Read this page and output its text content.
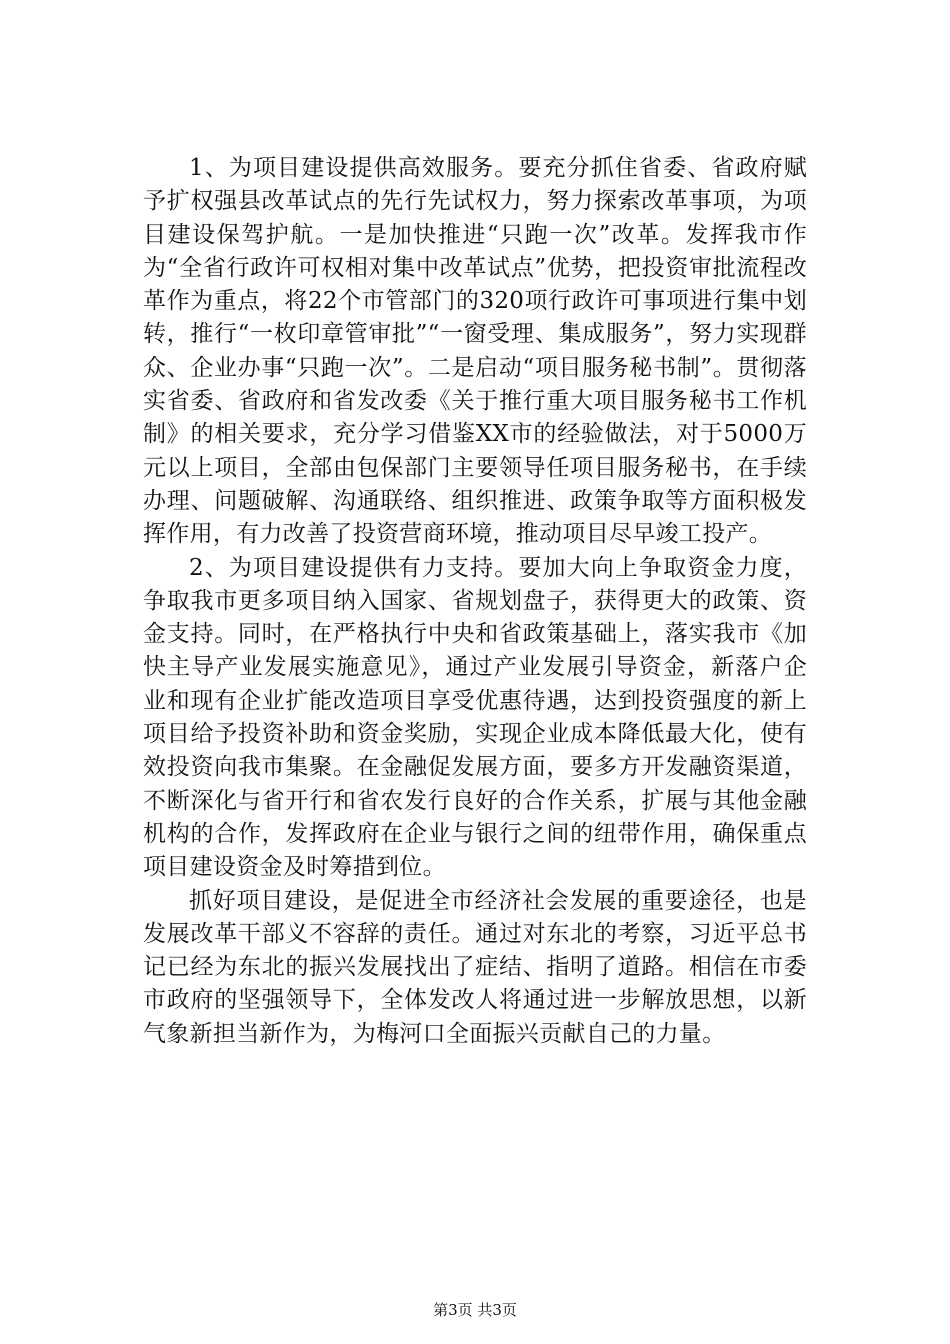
1、为项目建设提供高效服务。要充分抓住省委、省政府赋予扩权强县改革试点的先行先试权力，努力探索改革事项，为项目建设保驾护航。一是加快推进“只跑一次”改革。发挥我市作为“全省行政许可权相对集中改革试点”优势，把投资审批流程改革作为重点，将22个市管部门的320项行政许可事项进行集中划转，推行“一枚印章管审批”“一窗受理、集成服务”，努力实现群众、企业办事“只跑一次”。二是启动“项目服务秘书制”。贯彻落实省委、省政府和省发改委《关于推行重大项目服务秘书工作机制》的相关要求，充分学习借鉴XX市的经验做法，对于5000万元以上项目，全部由包保部门主要领导任项目服务秘书，在手续办理、问题破解、沟通联络、组织推进、政策争取等方面积极发挥作用，有力改善了投资营商环境，推动项目尽早竣工投产。

2、为项目建设提供有力支持。要加大向上争取资金力度，争取我市更多项目纳入国家、省规划盘子，获得更大的政策、资金支持。同时，在严格执行中央和省政策基础上，落实我市《加快主导产业发展实施意见》，通过产业发展引导资金，新落户企业和现有企业扩能改造项目享受优惠待遇，达到投资强度的新上项目给予投资补助和资金奖励，实现企业成本降低最大化，使有效投资向我市集聚。在金融促发展方面，要多方开发融资渠道，不断深化与省开行和省农发行良好的合作关系，扩展与其他金融机构的合作，发挥政府在企业与银行之间的纽带作用，确保重点项目建设资金及时筹措到位。

抓好项目建设，是促进全市经济社会发展的重要途径，也是发展改革干部义不容辞的责任。通过对东北的考察，习近平总书记已经为东北的振兴发展找出了症结、指明了道路。相信在市委市政府的坚强领导下，全体发改人将通过进一步解放思想，以新气象新担当新作为，为梅河口全面振兴贡献自己的力量。

第3页 共3页
